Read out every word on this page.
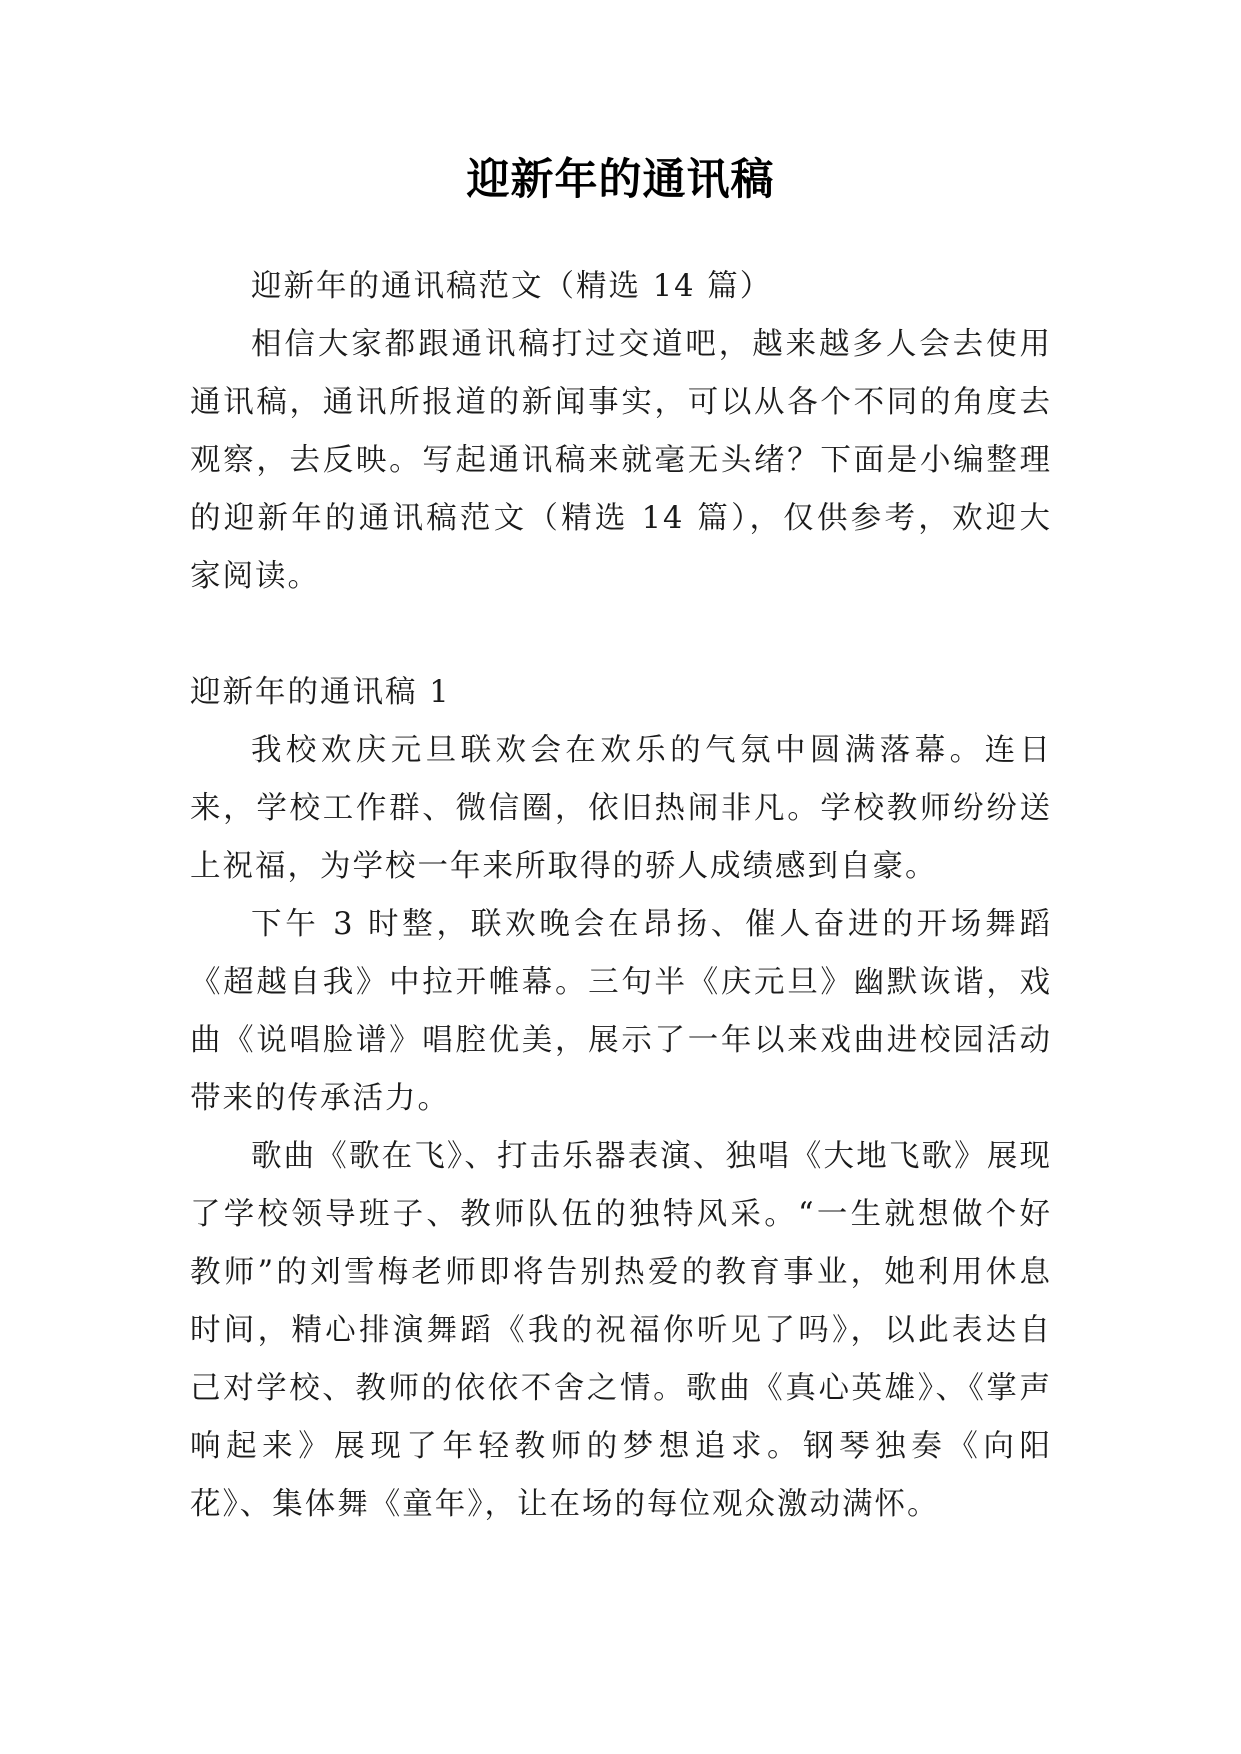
迎新年的通讯稿

迎新年的通讯稿范文（精选 14 篇）

相信大家都跟通讯稿打过交道吧，越来越多人会去使用通讯稿，通讯所报道的新闻事实，可以从各个不同的角度去观察，去反映。写起通讯稿来就毫无头绪？下面是小编整理的迎新年的通讯稿范文（精选 14 篇），仅供参考，欢迎大家阅读。

迎新年的通讯稿 1

我校欢庆元旦联欢会在欢乐的气氛中圆满落幕。连日来，学校工作群、微信圈，依旧热闹非凡。学校教师纷纷送上祝福，为学校一年来所取得的骄人成绩感到自豪。

下午 3 时整，联欢晚会在昂扬、催人奋进的开场舞蹈《超越自我》中拉开帷幕。三句半《庆元旦》幽默诙谐，戏曲《说唱脸谱》唱腔优美，展示了一年以来戏曲进校园活动带来的传承活力。

歌曲《歌在飞》、打击乐器表演、独唱《大地飞歌》展现了学校领导班子、教师队伍的独特风采。“一生就想做个好教师”的刘雪梅老师即将告别热爱的教育事业，她利用休息时间，精心排演舞蹈《我的祝福你听见了吗》，以此表达自己对学校、教师的依依不舍之情。歌曲《真心英雄》、《掌声响起来》展现了年轻教师的梦想追求。钢琴独奏《向阳花》、集体舞《童年》，让在场的每位观众激动满怀。
